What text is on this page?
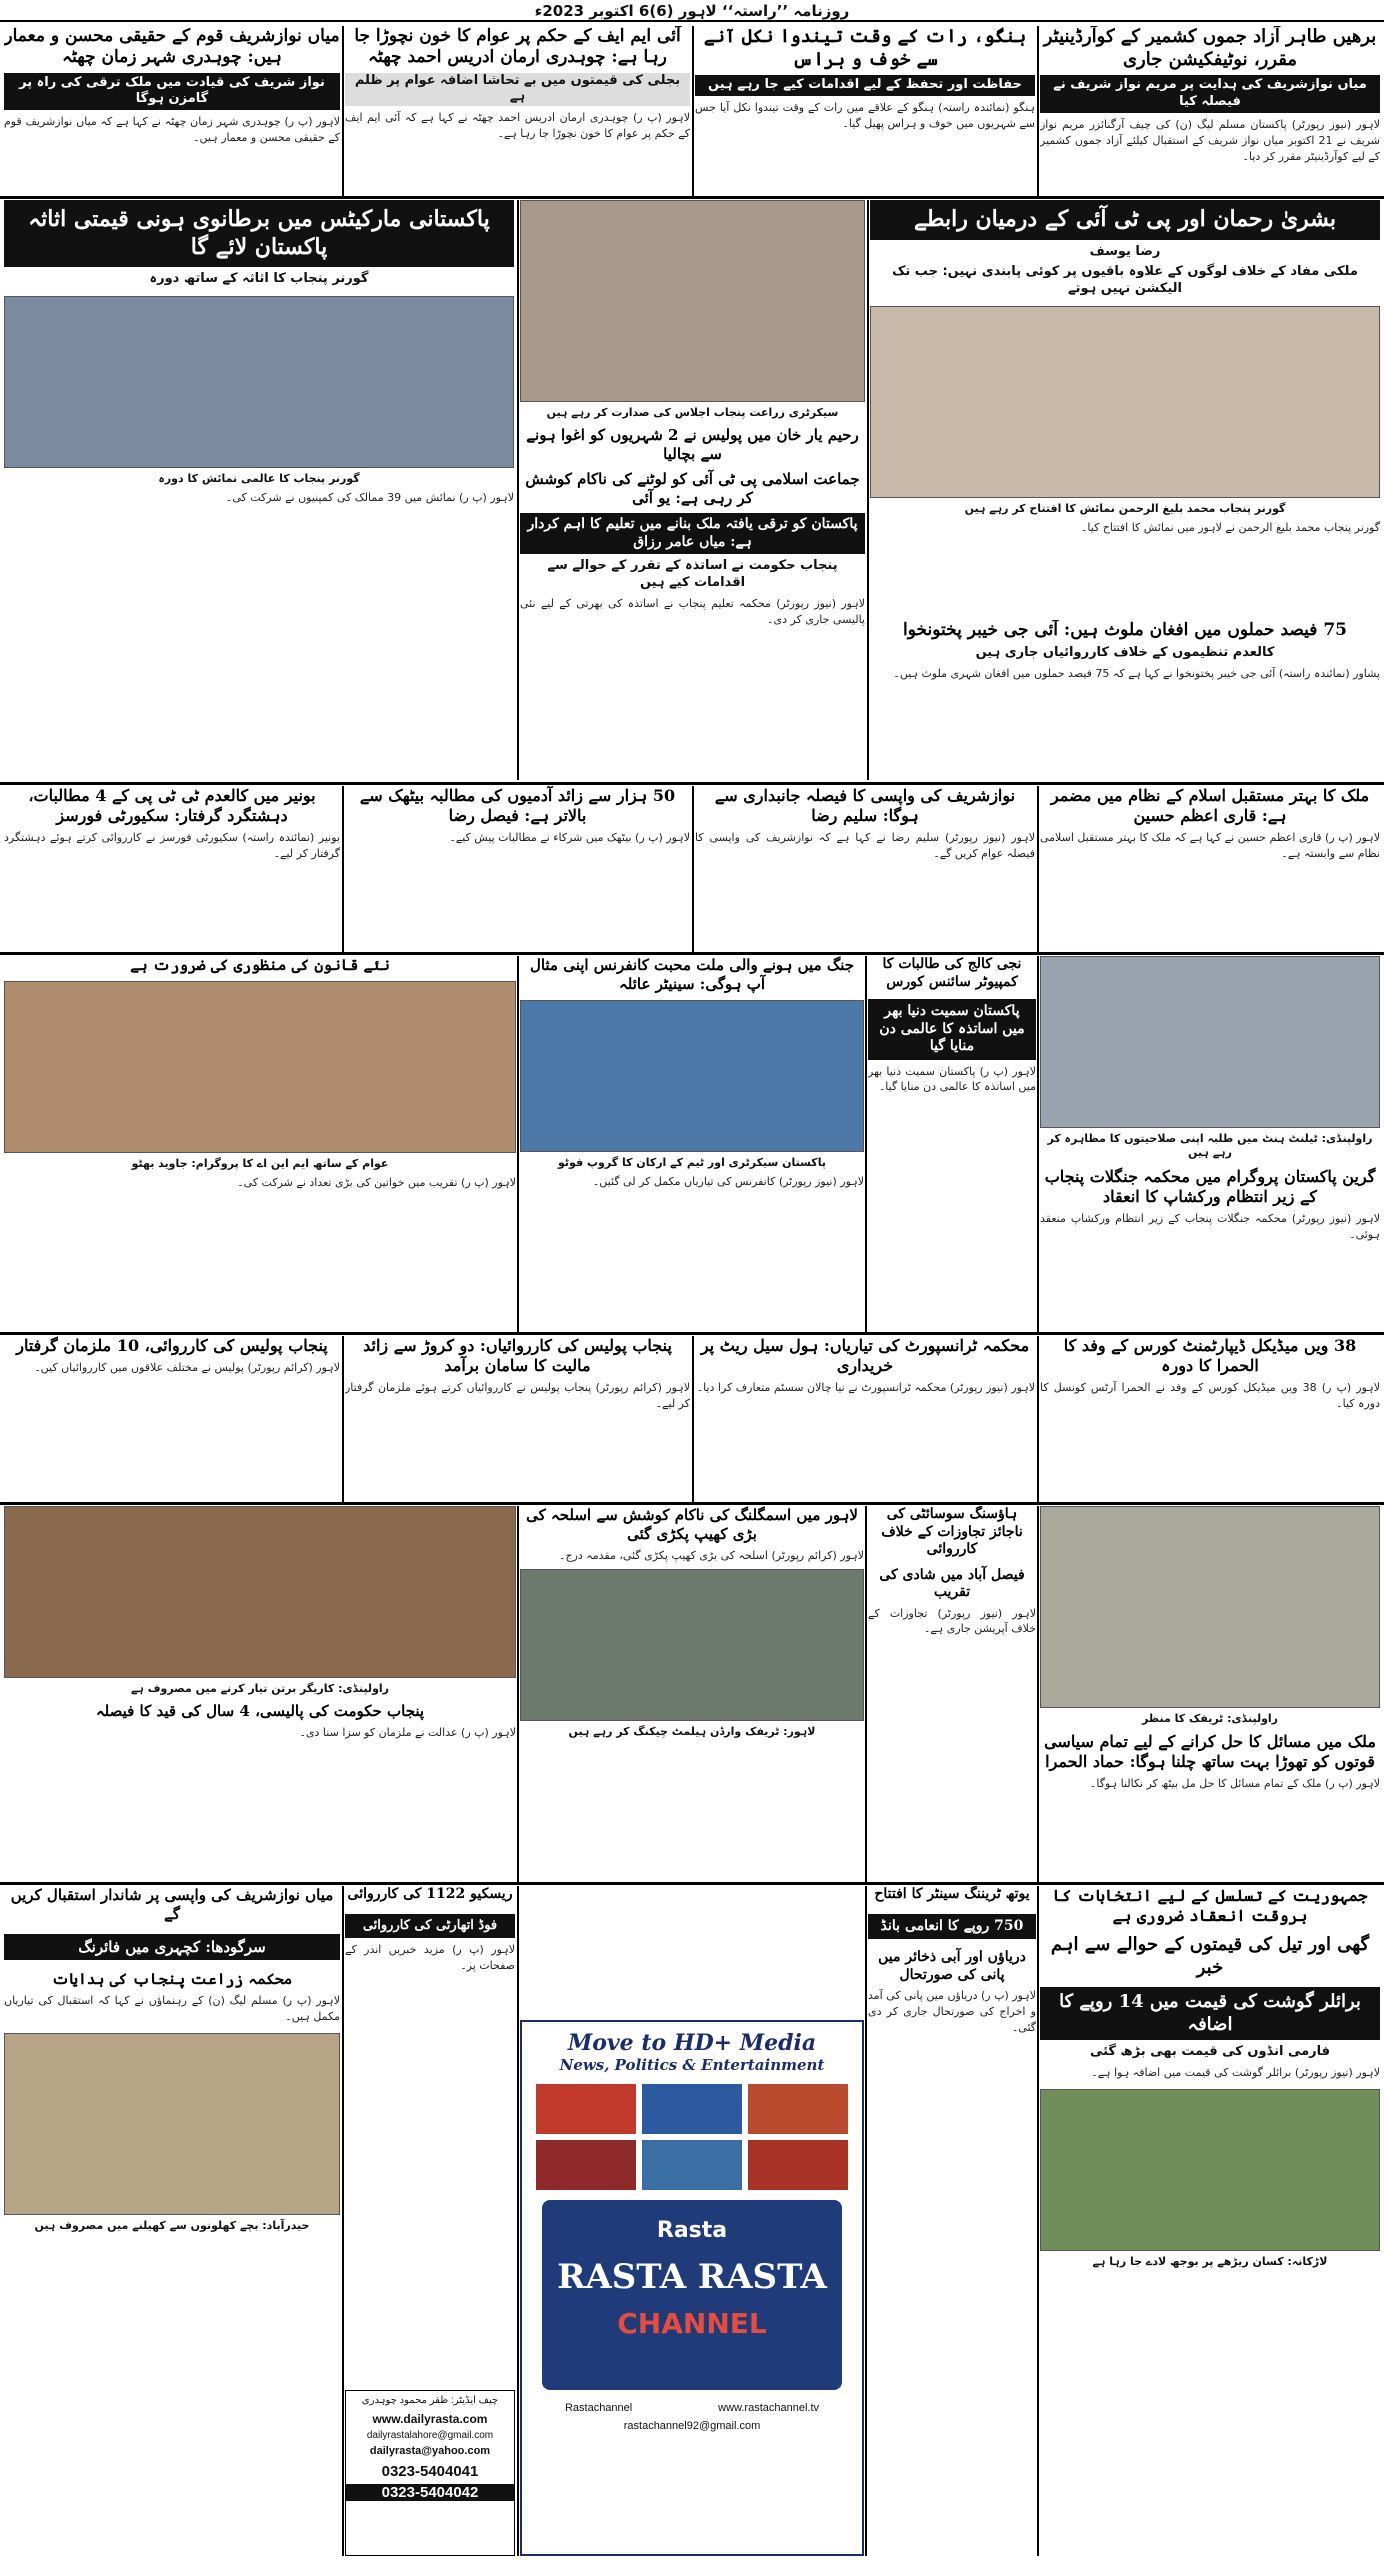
روزنامہ ’’راستہ‘‘ لاہور (6)6 اکتوبر 2023ء
برھیں طاہر آزاد جموں کشمیر کے کوآرڈینیٹر مقرر، نوٹیفکیشن جاری
میاں نوازشریف کی ہدایت پر مریم نواز شریف نے فیصلہ کیا
لاہور (نیوز رپورٹر) پاکستان مسلم لیگ (ن) کی چیف آرگنائزر مریم نواز شریف نے 21 اکتوبر میاں نواز شریف کے استقبال کیلئے آزاد جموں کشمیر کے لیے کوآرڈینیٹر مقرر کر دیا۔
ہنگو، رات کے وقت تیندوا نکل آنے سے خوف و ہراس
حفاظت اور تحفظ کے لیے اقدامات کیے جا رہے ہیں
ہنگو (نمائندہ راستہ) ہنگو کے علاقے میں رات کے وقت تیندوا نکل آیا جس سے شہریوں میں خوف و ہراس پھیل گیا۔
آئی ایم ایف کے حکم پر عوام کا خون نچوڑا جا رہا ہے: چوہدری ارمان ادریس احمد چھٹہ
بجلی کی قیمتوں میں بے تحاشا اضافہ عوام پر ظلم ہے
لاہور (پ ر) چوہدری ارمان ادریس احمد چھٹہ نے کہا ہے کہ آئی ایم ایف کے حکم پر عوام کا خون نچوڑا جا رہا ہے۔
میاں نوازشریف قوم کے حقیقی محسن و معمار ہیں: چوہدری شہر زمان چھٹہ
نواز شریف کی قیادت میں ملک ترقی کی راہ پر گامزن ہوگا
لاہور (پ ر) چوہدری شہر زمان چھٹہ نے کہا ہے کہ میاں نوازشریف قوم کے حقیقی محسن و معمار ہیں۔
بشریٰ رحمان اور پی ٹی آئی کے درمیان رابطے
رضا یوسف
ملکی مفاد کے خلاف لوگوں کے علاوہ باقیوں پر کوئی پابندی نہیں: جب تک الیکشن نہیں ہوتے
گورنر پنجاب محمد بلیغ الرحمن نمائش کا افتتاح کر رہے ہیں
گورنر پنجاب محمد بلیغ الرحمن نے لاہور میں نمائش کا افتتاح کیا۔
سیکرٹری زراعت پنجاب اجلاس کی صدارت کر رہے ہیں
رحیم یار خان میں پولیس نے 2 شہریوں کو اغوا ہونے سے بچالیا
جماعت اسلامی پی ٹی آئی کو لوٹنے کی ناکام کوشش کر رہی ہے: یو آئی
پاکستان کو ترقی یافتہ ملک بنانے میں تعلیم کا اہم کردار ہے: میاں عامر رزاق
پنجاب حکومت نے اساتذہ کے تقرر کے حوالے سے اقدامات کیے ہیں
لاہور (نیوز رپورٹر) محکمہ تعلیم پنجاب نے اساتذہ کی بھرتی کے لیے نئی پالیسی جاری کر دی۔
پاکستانی مارکیٹس میں برطانوی ہونی قیمتی اثاثہ پاکستان لائے گا
گورنر پنجاب کا اثاثہ کے ساتھ دورہ
گورنر پنجاب کا عالمی نمائش کا دورہ
لاہور (پ ر) نمائش میں 39 ممالک کی کمپنیوں نے شرکت کی۔
75 فیصد حملوں میں افغان ملوث ہیں: آئی جی خیبر پختونخوا
کالعدم تنظیموں کے خلاف کارروائیاں جاری ہیں
پشاور (نمائندہ راستہ) آئی جی خیبر پختونخوا نے کہا ہے کہ 75 فیصد حملوں میں افغان شہری ملوث ہیں۔
ملک کا بہتر مستقبل اسلام کے نظام میں مضمر ہے: قاری اعظم حسین
لاہور (پ ر) قاری اعظم حسین نے کہا ہے کہ ملک کا بہتر مستقبل اسلامی نظام سے وابستہ ہے۔
نوازشریف کی واپسی کا فیصلہ جانبداری سے ہوگا: سلیم رضا
لاہور (نیوز رپورٹر) سلیم رضا نے کہا ہے کہ نوازشریف کی واپسی کا فیصلہ عوام کریں گے۔
50 ہزار سے زائد آدمیوں کی مطالبہ بیٹھک سے بالاتر ہے: فیصل رضا
لاہور (پ ر) بیٹھک میں شرکاء نے مطالبات پیش کیے۔
بونیر میں کالعدم ٹی ٹی پی کے 4 مطالبات، دہشتگرد گرفتار: سکیورٹی فورسز
بونیر (نمائندہ راستہ) سکیورٹی فورسز نے کارروائی کرتے ہوئے دہشتگرد گرفتار کر لیے۔
راولپنڈی: ٹیلنٹ ہنٹ میں طلبہ اپنی صلاحیتوں کا مظاہرہ کر رہے ہیں
گرین پاکستان پروگرام میں محکمہ جنگلات پنجاب کے زیر انتظام ورکشاپ کا انعقاد
لاہور (نیوز رپورٹر) محکمہ جنگلات پنجاب کے زیر انتظام ورکشاپ منعقد ہوئی۔
نجی کالج کی طالبات کا کمپیوٹر سائنس کورس
پاکستان سمیت دنیا بھر میں اساتذہ کا عالمی دن منایا گیا
لاہور (پ ر) پاکستان سمیت دنیا بھر میں اساتذہ کا عالمی دن منایا گیا۔
جنگ میں ہونے والی ملت محبت کانفرنس اپنی مثال آپ ہوگی: سینیٹر عائلہ
پاکستان سیکرٹری اور ٹیم کے ارکان کا گروپ فوٹو
لاہور (نیوز رپورٹر) کانفرنس کی تیاریاں مکمل کر لی گئیں۔
نئے قانون کی منظوری کی ضرورت ہے
عوام کے ساتھ ایم این اے کا پروگرام: جاوید بھٹو
لاہور (پ ر) تقریب میں خواتین کی بڑی تعداد نے شرکت کی۔
38 ویں میڈیکل ڈیپارٹمنٹ کورس کے وفد کا الحمرا کا دورہ
لاہور (پ ر) 38 ویں میڈیکل کورس کے وفد نے الحمرا آرٹس کونسل کا دورہ کیا۔
محکمہ ٹرانسپورٹ کی تیاریاں: ہول سیل ریٹ پر خریداری
لاہور (نیوز رپورٹر) محکمہ ٹرانسپورٹ نے نیا چالان سسٹم متعارف کرا دیا۔
پنجاب پولیس کی کارروائیاں: دو کروڑ سے زائد مالیت کا سامان برآمد
لاہور (کرائم رپورٹر) پنجاب پولیس نے کارروائیاں کرتے ہوئے ملزمان گرفتار کر لیے۔
پنجاب پولیس کی کارروائی، 10 ملزمان گرفتار
لاہور (کرائم رپورٹر) پولیس نے مختلف علاقوں میں کارروائیاں کیں۔
راولپنڈی: ٹریفک کا منظر
ملک میں مسائل کا حل کرانے کے لیے تمام سیاسی قوتوں کو تھوڑا بہت ساتھ چلنا ہوگا: حماد الحمرا
لاہور (پ ر) ملک کے تمام مسائل کا حل مل بیٹھ کر نکالنا ہوگا۔
ہاؤسنگ سوسائٹی کی ناجائز تجاوزات کے خلاف کارروائی
فیصل آباد میں شادی کی تقریب
لاہور (نیوز رپورٹر) تجاوزات کے خلاف آپریشن جاری ہے۔
لاہور میں اسمگلنگ کی ناکام کوشش سے اسلحہ کی بڑی کھیپ پکڑی گئی
لاہور (کرائم رپورٹر) اسلحہ کی بڑی کھیپ پکڑی گئی، مقدمہ درج۔
لاہور: ٹریفک وارڈن ہیلمٹ چیکنگ کر رہے ہیں
راولپنڈی: کاریگر برتن تیار کرنے میں مصروف ہے
پنجاب حکومت کی پالیسی، 4 سال کی قید کا فیصلہ
لاہور (پ ر) عدالت نے ملزمان کو سزا سنا دی۔
جمہوریت کے تسلسل کے لیے انتخابات کا بروقت انعقاد ضروری ہے
گھی اور تیل کی قیمتوں کے حوالے سے اہم خبر
برائلر گوشت کی قیمت میں 14 روپے کا اضافہ
فارمی انڈوں کی قیمت بھی بڑھ گئی
لاہور (نیوز رپورٹر) برائلر گوشت کی قیمت میں اضافہ ہوا ہے۔
لاڑکانہ: کسان ریڑھے پر بوجھ لادے جا رہا ہے
یوتھ ٹریننگ سینٹر کا افتتاح
750 روپے کا انعامی بانڈ
دریاؤں اور آبی ذخائر میں پانی کی صورتحال
لاہور (پ ر) دریاؤں میں پانی کی آمد و اخراج کی صورتحال جاری کر دی گئی۔
Move to HD+ Media
News, Politics & Entertainment
Rasta
RASTA RASTA
CHANNEL
Rastachannel	www.rastachannel.tv
rastachannel92@gmail.com
ریسکیو 1122 کی کارروائی
فوڈ اتھارٹی کی کارروائی
لاہور (پ ر) مزید خبریں اندر کے صفحات پر۔
چیف ایڈیٹر: ظفر محمود چوہدری
www.dailyrasta.com
dailyrastalahore@gmail.com
dailyrasta@yahoo.com
0323-5404041
0323-5404042
میاں نوازشریف کی واپسی پر شاندار استقبال کریں گے
سرگودھا: کچہری میں فائرنگ
محکمہ زراعت پنجاب کی ہدایات
لاہور (پ ر) مسلم لیگ (ن) کے رہنماؤں نے کہا کہ استقبال کی تیاریاں مکمل ہیں۔
حیدرآباد: بچے کھلونوں سے کھیلنے میں مصروف ہیں
